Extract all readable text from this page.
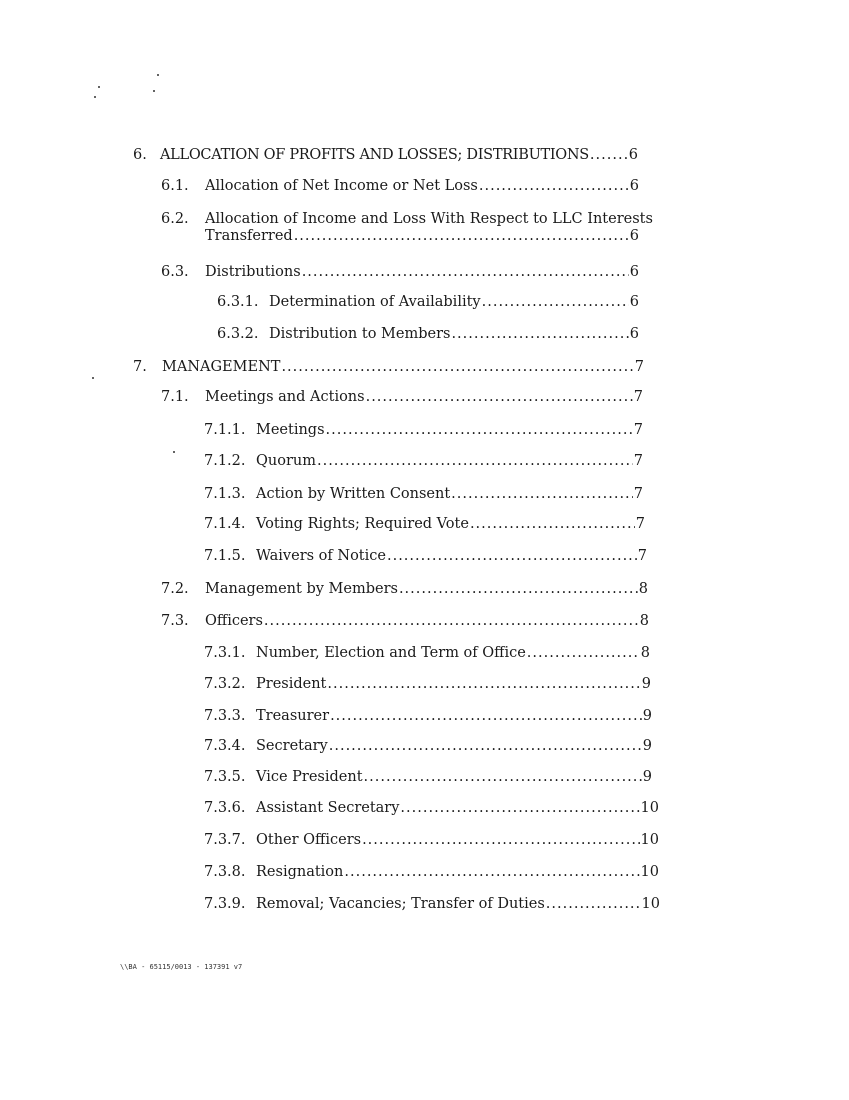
6. ALLOCATION OF PROFITS AND LOSSES; DISTRIBUTIONS .....	6
6.1.	Allocation of Net Income or Net Loss .....	6
6.2. Allocation of Income and Loss With Respect to LLC Interests
Transferred .....	6
6.3.	Distributions .....	6
6.3.1. Determination of Availability .....	6
6.3.2. Distribution to Members .....	6
7.	MANAGEMENT .....	7
7.1.	Meetings and Actions .....	7
7.1.1. Meetings .....	7
7.1.2. Quorum .....	7
7.1.3. Action by Written Consent .....	7
7.1.4. Voting Rights; Required Vote .....	7
7.1.5. Waivers of Notice .....	7
7.2.	Management by Members .....	8
7.3.	Officers .....	8
7.3.1. Number, Election and Term of Office .....	8
7.3.2. President .....	9
7.3.3. Treasurer .....	9
7.3.4. Secretary .....	9
7.3.5. Vice President .....	9
7.3.6. Assistant Secretary .....	10
7.3.7. Other Officers .....	10
7.3.8. Resignation .....	10
7.3.9. Removal; Vacancies; Transfer of Duties .....	10
\\BA - 65115/0013 - 137391 v7
